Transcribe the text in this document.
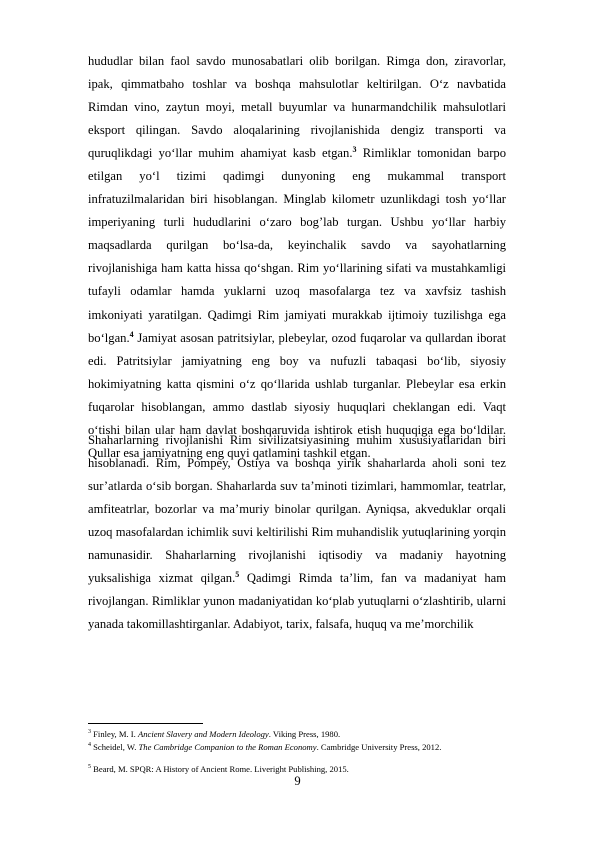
hududlar bilan faol savdo munosabatlari olib borilgan. Rimga don, ziravorlar, ipak, qimmatbaho toshlar va boshqa mahsulotlar keltirilgan. O‘z navbatida Rimdan vino, zaytun moyi, metall buyumlar va hunarmandchilik mahsulotlari eksport qilingan. Savdo aloqalarining rivojlanishida dengiz transporti va quruqlikdagi yo‘llar muhim ahamiyat kasb etgan.$^3$ Rimliklar tomonidan barpo etilgan yo‘l tizimi qadimgi dunyoning eng mukammal transport infratuzilmalaridan biri hisoblangan. Minglab kilometr uzunlikdagi tosh yo‘llar imperiyaning turli hududlarini o‘zaro bog’lab turgan. Ushbu yo‘llar harbiy maqsadlarda qurilgan bo‘lsa-da, keyinchalik savdo va sayohatlarning rivojlanishiga ham katta hissa qo‘shgan. Rim yo‘llarining sifati va mustahkamligi tufayli odamlar hamda yuklarni uzoq masofalarga tez va xavfsiz tashish imkoniyati yaratilgan. Qadimgi Rim jamiyati murakkab ijtimoiy tuzilishga ega bo‘lgan.$^4$ Jamiyat asosan patritsiylar, plebeylar, ozod fuqarolar va qullardan iborat edi. Patritsiylar jamiyatning eng boy va nufuzli tabaqasi bo‘lib, siyosiy hokimiyatning katta qismini o‘z qo‘llarida ushlab turganlar. Plebeylar esa erkin fuqarolar hisoblangan, ammo dastlab siyosiy huquqlari cheklangan edi. Vaqt o‘tishi bilan ular ham davlat boshqaruvida ishtirok etish huquqiga ega bo‘ldilar. Qullar esa jamiyatning eng quyi qatlamini tashkil etgan.

Shaharlarning rivojlanishi Rim sivilizatsiyasining muhim xususiyatlaridan biri hisoblanadi. Rim, Pompey, Ostiya va boshqa yirik shaharlarda aholi soni tez sur’atlarda o‘sib borgan. Shaharlarda suv ta’minoti tizimlari, hammomlar, teatrlar, amfiteatrlar, bozorlar va ma’muriy binolar qurilgan. Ayniqsa, akveduklar orqali uzoq masofalardan ichimlik suvi keltirilishi Rim muhandislik yutuqlarining yorqin namunasidir. Shaharlarning rivojlanishi iqtisodiy va madaniy hayotning yuksalishiga xizmat qilgan.$^5$ Qadimgi Rimda ta’lim, fan va madaniyat ham rivojlangan. Rimliklar yunon madaniyatidan ko‘plab yutuqlarni o‘zlashtirib, ularni yanada takomillashtirganlar. Adabiyot, tarix, falsafa, huquq va me’morchilik

$^3$ Finley, M. I. Ancient Slavery and Modern Ideology. Viking Press, 1980.
$^4$ Scheidel, W. The Cambridge Companion to the Roman Economy. Cambridge University Press, 2012.
$^5$ Beard, M. SPQR: A History of Ancient Rome. Liveright Publishing, 2015.
9
